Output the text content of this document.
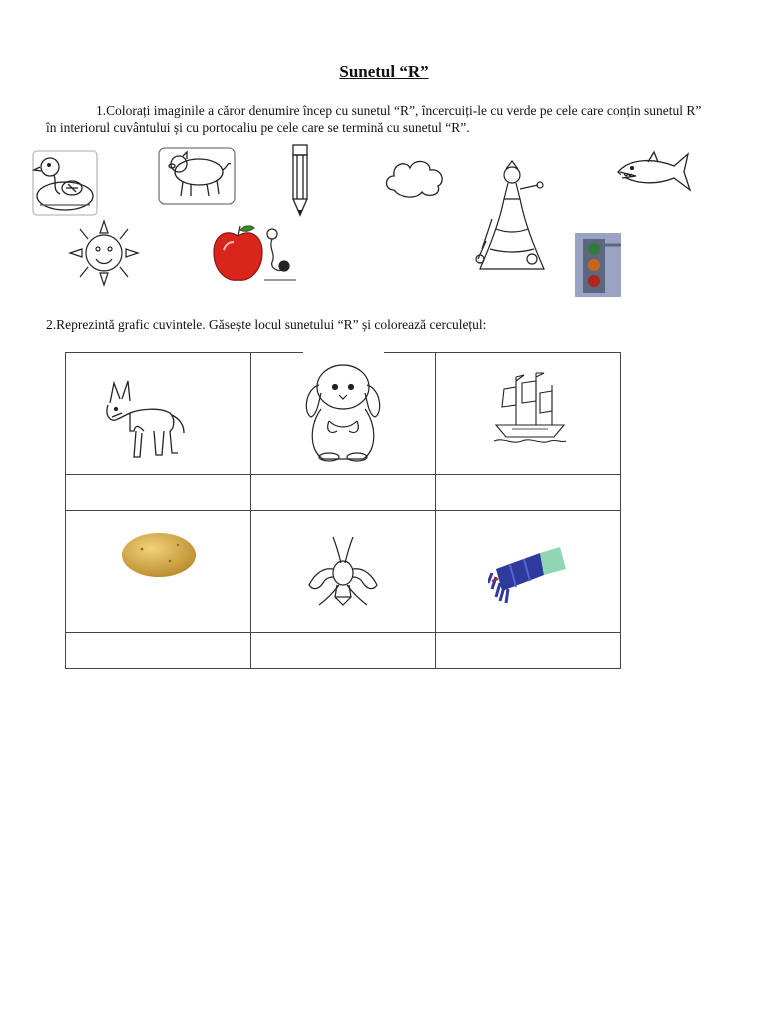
Sunetul “R”
1.Colorați imaginile a căror denumire încep cu sunetul “R”, încercuiți-le cu verde pe cele care conțin sunetul R”
în interiorul cuvântului și cu portocaliu pe cele care se termină cu sunetul “R”.
2.Reprezintă grafic cuvintele. Găsește locul sunetului “R” și colorează cerculețul:
